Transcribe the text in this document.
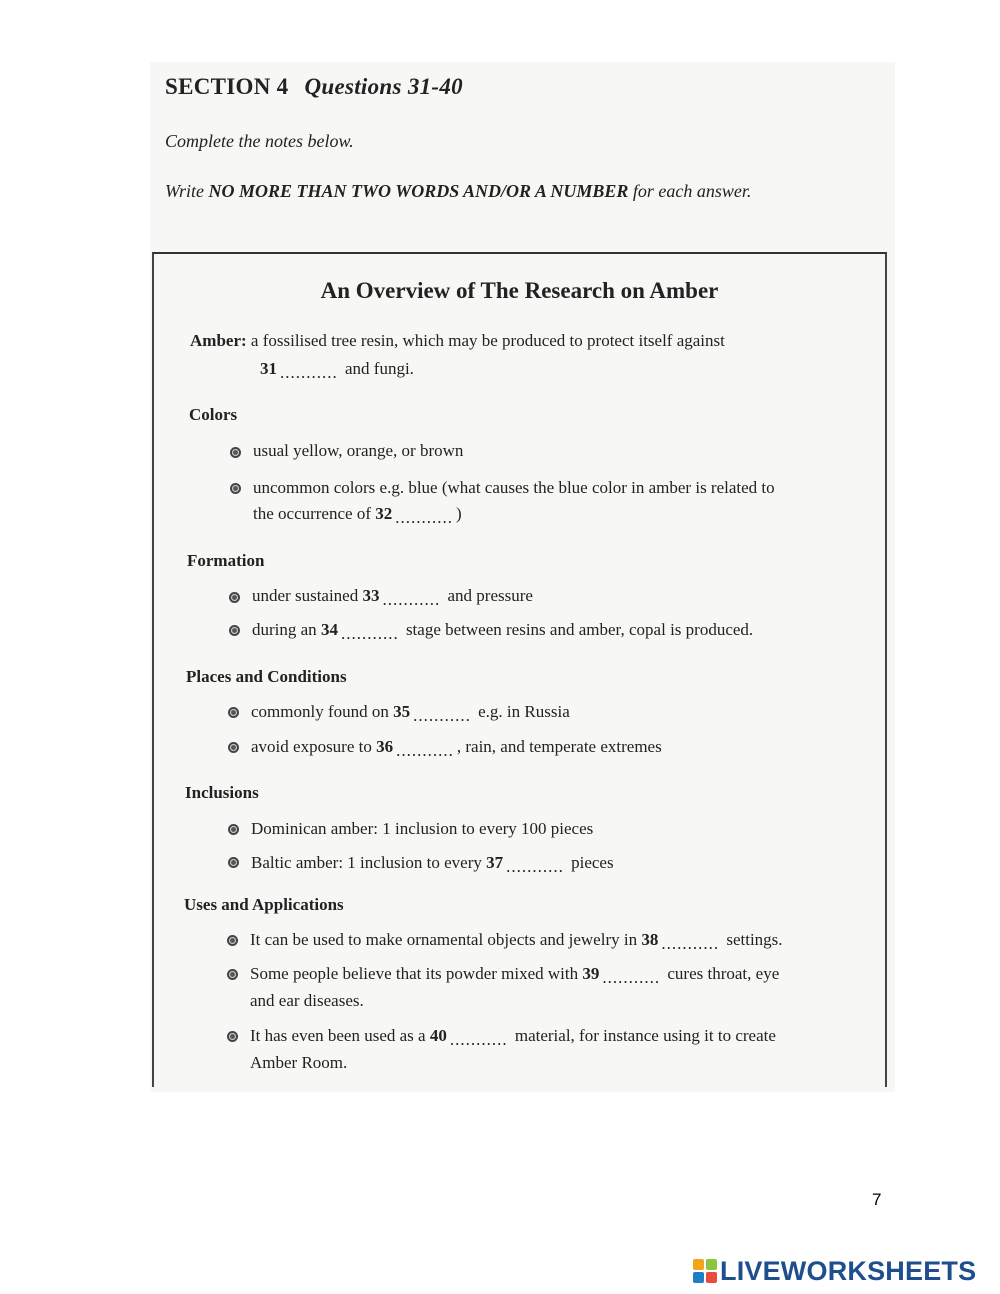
SECTION 4 Questions 31-40
Complete the notes below.
Write NO MORE THAN TWO WORDS AND/OR A NUMBER for each answer.
An Overview of The Research on Amber
Amber: a fossilised tree resin, which may be produced to protect itself against
31 ........... and fungi.
Colors
usual yellow, orange, or brown
uncommon colors e.g. blue (what causes the blue color in amber is related to
the occurrence of 32 ........... )
Formation
under sustained 33 ........... and pressure
during an 34 ........... stage between resins and amber, copal is produced.
Places and Conditions
commonly found on 35 ........... e.g. in Russia
avoid exposure to 36 ........... , rain, and temperate extremes
Inclusions
Dominican amber: 1 inclusion to every 100 pieces
Baltic amber: 1 inclusion to every 37 ........... pieces
Uses and Applications
It can be used to make ornamental objects and jewelry in 38 ........... settings.
Some people believe that its powder mixed with 39 ........... cures throat, eye
and ear diseases.
It has even been used as a 40 ........... material, for instance using it to create
Amber Room.
7
LIVEWORKSHEETS
